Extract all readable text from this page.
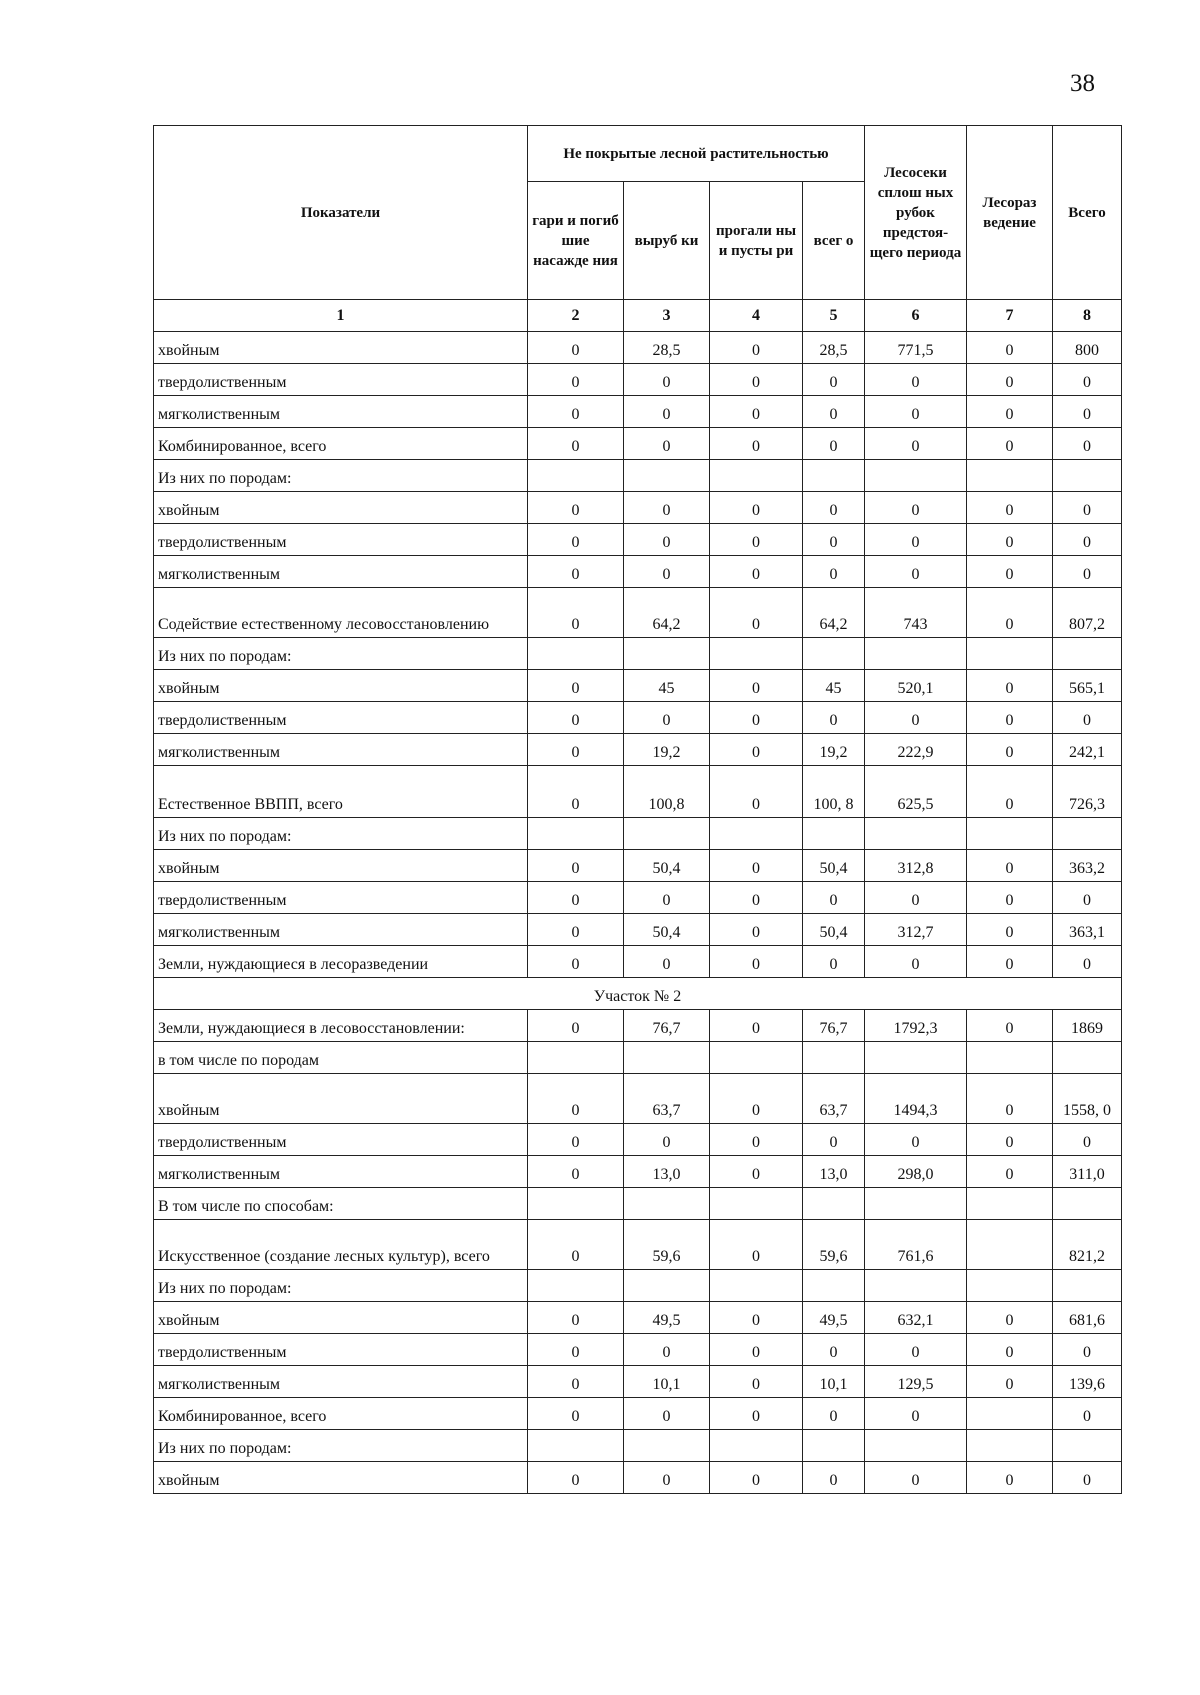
38
Показатели	Не покрытые лесной растительностью				Лесосеки сплош ных рубок предстоя-щего периода	Лесораз ведение	Всего
	гари и погиб шие насажде ния	выруб ки	прогали ны и пусты ри	всег о			
1	2	3	4	5	6	7	8
хвойным	0	28,5	0	28,5	771,5	0	800
твердолиственным	0	0	0	0	0	0	0
мягколиственным	0	0	0	0	0	0	0
Комбинированное, всего	0	0	0	0	0	0	0
Из них по породам:							
хвойным	0	0	0	0	0	0	0
твердолиственным	0	0	0	0	0	0	0
мягколиственным	0	0	0	0	0	0	0
Содействие естественному лесовосстановлению	0	64,2	0	64,2	743	0	807,2
Из них по породам:							
хвойным	0	45	0	45	520,1	0	565,1
твердолиственным	0	0	0	0	0	0	0
мягколиственным	0	19,2	0	19,2	222,9	0	242,1
Естественное ВВПП, всего	0	100,8	0	100, 8	625,5	0	726,3
Из них по породам:							
хвойным	0	50,4	0	50,4	312,8	0	363,2
твердолиственным	0	0	0	0	0	0	0
мягколиственным	0	50,4	0	50,4	312,7	0	363,1
Земли, нуждающиеся в лесоразведении	0	0	0	0	0	0	0
Участок № 2							
Земли, нуждающиеся в лесовосстановлении:	0	76,7	0	76,7	1792,3	0	1869
в том числе по породам							
хвойным	0	63,7	0	63,7	1494,3	0	1558, 0
твердолиственным	0	0	0	0	0	0	0
мягколиственным	0	13,0	0	13,0	298,0	0	311,0
В том числе по способам:							
Искусственное (создание лесных культур), всего	0	59,6	0	59,6	761,6		821,2
Из них по породам:							
хвойным	0	49,5	0	49,5	632,1	0	681,6
твердолиственным	0	0	0	0	0	0	0
мягколиственным	0	10,1	0	10,1	129,5	0	139,6
Комбинированное, всего	0	0	0	0	0		0
Из них по породам:							
хвойным	0	0	0	0	0	0	0
